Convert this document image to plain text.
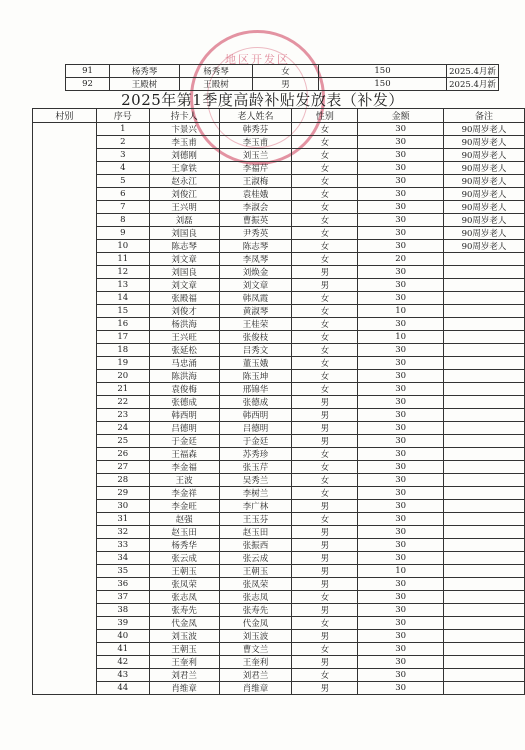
地区开发区
91	杨秀琴	杨秀琴	女	150	2025.4月新
92	王殿树	王殿树	男	150	2025.4月新
2025年第1季度高龄补贴发放表（补发）
村别	序号	持卡人	老人姓名	性别	金额	备注
	1	卞景兴	韩秀芬	女	30	90周岁老人
	2	李玉甫	李玉甫	女	30	90周岁老人
	3	刘德刚	刘玉兰	女	30	90周岁老人
	4	王拿铁	李福芹	女	30	90周岁老人
	5	赵永江	王淑梅	女	30	90周岁老人
	6	刘俊江	袁桂娥	女	30	90周岁老人
	7	王兴明	李淑会	女	30	90周岁老人
	8	刘磊	曹振英	女	30	90周岁老人
	9	刘国良	尹秀英	女	30	90周岁老人
	10	陈志琴	陈志琴	女	30	90周岁老人
	11	刘文章	李凤琴	女	20	
	12	刘国良	刘焕金	男	30	
	13	刘文章	刘文章	男	30	
	14	张殿福	韩凤霞	女	30	
	15	刘俊才	黄淑琴	女	10	
	16	杨洪海	王桂荣	女	30	
	17	王兴旺	张俊枝	女	10	
	18	张延松	吕秀文	女	30	
	19	马忠涌	董玉娥	女	30	
	20	陈洪海	陈玉坤	女	30	
	21	袁俊梅	邢锦华	女	30	
	22	张德成	张德成	男	30	
	23	韩西明	韩西明	男	30	
	24	吕德明	吕德明	男	30	
	25	于金廷	于金廷	男	30	
	26	王福森	苏秀珍	女	30	
	27	李金福	张玉芹	女	30	
	28	王波	吴秀兰	女	30	
	29	李金祥	李树兰	女	30	
	30	李金旺	李广林	男	30	
	31	赵强	王玉芬	女	30	
	32	赵玉田	赵玉田	男	30	
	33	杨秀华	张振西	男	30	
	34	张云成	张云成	男	30	
	35	王朝玉	王朝玉	男	10	
	36	张凤荣	张凤荣	男	30	
	37	张志凤	张志凤	女	30	
	38	张寿先	张寿先	男	30	
	39	代金凤	代金凤	女	30	
	40	刘玉波	刘玉波	男	30	
	41	王朝玉	曹文兰	女	30	
	42	王奎利	王奎利	男	30	
	43	刘君兰	刘君兰	女	30	
	44	肖维章	肖维章	男	30	
